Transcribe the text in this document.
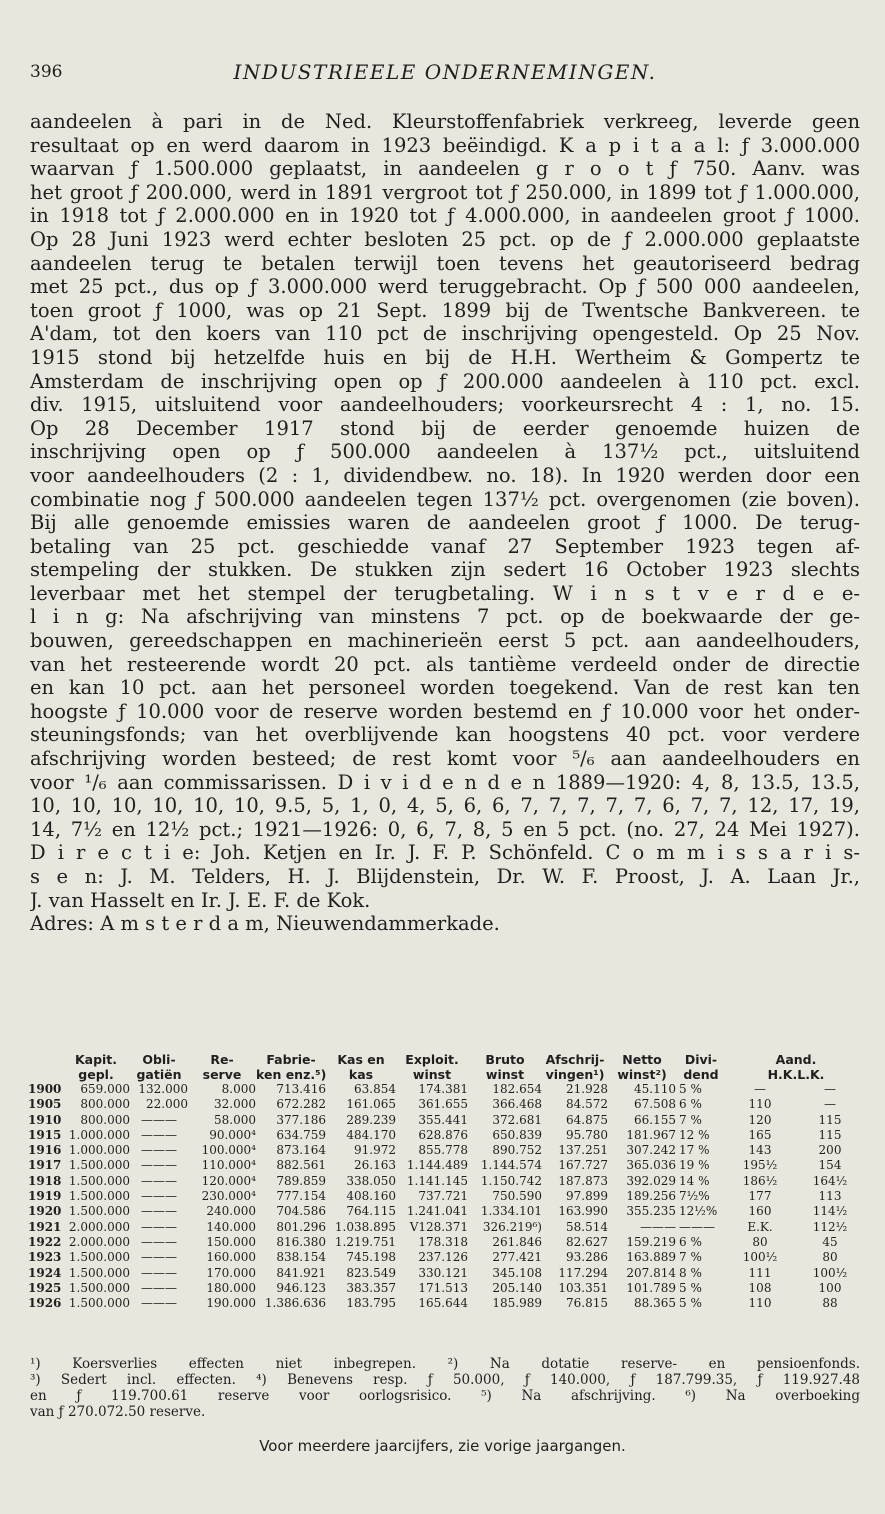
396	INDUSTRIEELE ONDERNEMINGEN.
aandeelen à pari in de Ned. Kleurstoffenfabriek verkreeg, leverde geen
resultaat op en werd daarom in 1923 beëindigd. K a p i t a a l: ƒ 3.000.000
waarvan ƒ 1.500.000 geplaatst, in aandeelen g r o o t ƒ 750. Aanv. was
het groot ƒ 200.000, werd in 1891 vergroot tot ƒ 250.000, in 1899 tot ƒ 1.000.000,
in 1918 tot ƒ 2.000.000 en in 1920 tot ƒ 4.000.000, in aandeelen groot ƒ 1000.
Op 28 Juni 1923 werd echter besloten 25 pct. op de ƒ 2.000.000 geplaatste
aandeelen terug te betalen terwijl toen tevens het geautoriseerd bedrag
met 25 pct., dus op ƒ 3.000.000 werd teruggebracht. Op ƒ 500 000 aandeelen,
toen groot ƒ 1000, was op 21 Sept. 1899 bij de Twentsche Bankvereen. te
A'dam, tot den koers van 110 pct de inschrijving opengesteld. Op 25 Nov.
1915 stond bij hetzelfde huis en bij de H.H. Wertheim & Gompertz te
Amsterdam de inschrijving open op ƒ 200.000 aandeelen à 110 pct. excl.
div. 1915, uitsluitend voor aandeelhouders; voorkeursrecht 4 : 1, no. 15.
Op 28 December 1917 stond bij de eerder genoemde huizen de
inschrijving open op ƒ 500.000 aandeelen à 137½ pct., uitsluitend
voor aandeelhouders (2 : 1, dividendbew. no. 18). In 1920 werden door een
combinatie nog ƒ 500.000 aandeelen tegen 137½ pct. overgenomen (zie boven).
Bij alle genoemde emissies waren de aandeelen groot ƒ 1000. De terug-
betaling van 25 pct. geschiedde vanaf 27 September 1923 tegen af-
stempeling der stukken. De stukken zijn sedert 16 October 1923 slechts
leverbaar met het stempel der terugbetaling. W i n s t v e r d e e-
l i n g: Na afschrijving van minstens 7 pct. op de boekwaarde der ge-
bouwen, gereedschappen en machinerieën eerst 5 pct. aan aandeelhouders,
van het resteerende wordt 20 pct. als tantième verdeeld onder de directie
en kan 10 pct. aan het personeel worden toegekend. Van de rest kan ten
hoogste ƒ 10.000 voor de reserve worden bestemd en ƒ 10.000 voor het onder-
steuningsfonds; van het overblijvende kan hoogstens 40 pct. voor verdere
afschrijving worden besteed; de rest komt voor ⁵/₆ aan aandeelhouders en
voor ¹/₆ aan commissarissen. D i v i d e n d e n 1889—1920: 4, 8, 13.5, 13.5,
10, 10, 10, 10, 10, 10, 9.5, 5, 1, 0, 4, 5, 6, 6, 7, 7, 7, 7, 7, 6, 7, 7, 12, 17, 19,
14, 7½ en 12½ pct.; 1921—1926: 0, 6, 7, 8, 5 en 5 pct. (no. 27, 24 Mei 1927).
D i r e c t i e: Joh. Ketjen en Ir. J. F. P. Schönfeld. C o m m i s s a r i s-
s e n: J. M. Telders, H. J. Blijdenstein, Dr. W. F. Proost, J. A. Laan Jr.,
J. van Hasselt en Ir. J. E. F. de Kok.
Adres: A m s t e r d a m, Nieuwendammerkade.
	Kapit.	Obli-	Re-	Fabrie-	Kas en	Exploit.	Bruto	Afschrij-	Netto	Divi-	Aand.	
	gepl.	gatiën	serve	ken enz.⁵)	kas	winst	winst	vingen¹)	winst²)	dend	H.K.L.K.	
1900	659.000	132.000	8.000	713.416	63.854	174.381	182.654	21.928	45.110	5 %	—	—
1905	800.000	22.000	32.000	672.282	161.065	361.655	366.468	84.572	67.508	6 %	110	—
1910	800.000	———	58.000	377.186	289.239	355.441	372.681	64.875	66.155	7 %	120	115
1915	1.000.000	———	90.000⁴	634.759	484.170	628.876	650.839	95.780	181.967	12 %	165	115
1916	1.000.000	———	100.000⁴	873.164	91.972	855.778	890.752	137.251	307.242	17 %	143	200
1917	1.500.000	———	110.000⁴	882.561	26.163	1.144.489	1.144.574	167.727	365.036	19 %	195½	154
1918	1.500.000	———	120.000⁴	789.859	338.050	1.141.145	1.150.742	187.873	392.029	14 %	186½	164½
1919	1.500.000	———	230.000⁴	777.154	408.160	737.721	750.590	97.899	189.256	7½%	177	113
1920	1.500.000	———	240.000	704.586	764.115	1.241.041	1.334.101	163.990	355.235	12½%	160	114½
1921	2.000.000	———	140.000	801.296	1.038.895	V128.371	326.219⁶)	58.514	———	———	E.K.	112½
1922	2.000.000	———	150.000	816.380	1.219.751	178.318	261.846	82.627	159.219	6 %	80	45
1923	1.500.000	———	160.000	838.154	745.198	237.126	277.421	93.286	163.889	7 %	100½	80
1924	1.500.000	———	170.000	841.921	823.549	330.121	345.108	117.294	207.814	8 %	111	100½
1925	1.500.000	———	180.000	946.123	383.357	171.513	205.140	103.351	101.789	5 %	108	100
1926	1.500.000	———	190.000	1.386.636	183.795	165.644	185.989	76.815	88.365	5 %	110	88
¹) Koersverlies effecten niet inbegrepen. ²) Na dotatie reserve- en pensioenfonds.
³) Sedert incl. effecten. ⁴) Benevens resp. ƒ 50.000, ƒ 140.000, ƒ 187.799.35, ƒ 119.927.48
en ƒ 119.700.61 reserve voor oorlogsrisico. ⁵) Na afschrijving. ⁶) Na overboeking
van ƒ 270.072.50 reserve.
Voor meerdere jaarcijfers, zie vorige jaargangen.
